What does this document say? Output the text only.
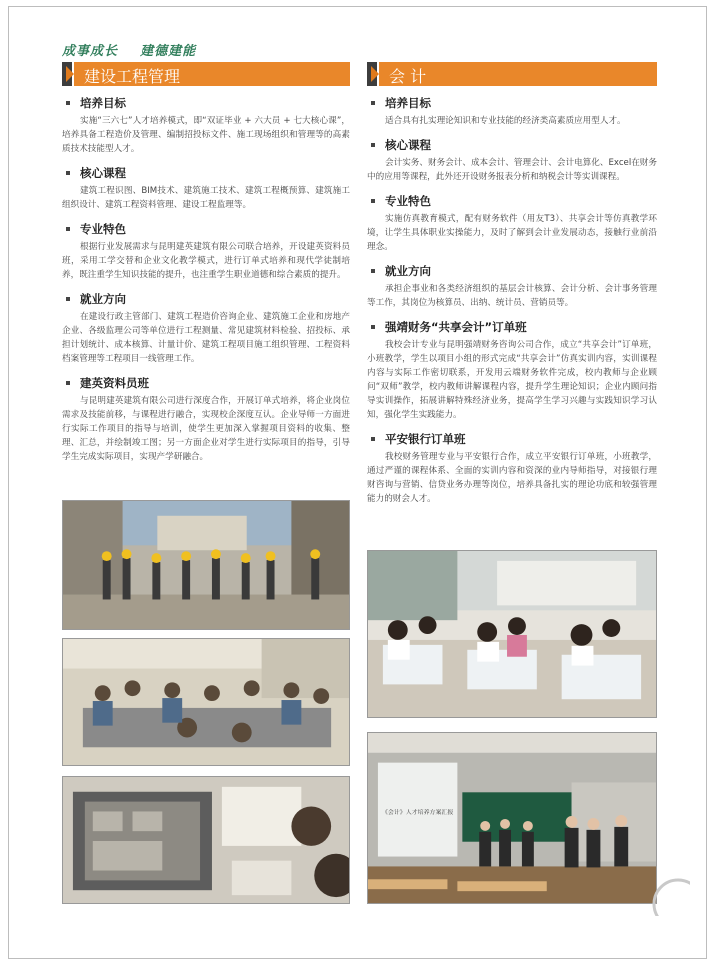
成事成长    建德建能
建设工程管理
培养目标
实施“三六七”人才培养模式，即“双证毕业 + 六大员 + 七大核心课”，培养具备工程造价及管理、编制招投标文件、施工现场组织和管理等的高素质技术技能型人才。
核心课程
建筑工程识图、BIM技术、建筑施工技术、建筑工程概预算、建筑施工组织设计、建筑工程资料管理、建设工程监理等。
专业特色
根据行业发展需求与昆明建英建筑有限公司联合培养，开设建英资料员班，采用工学交替和企业文化教学模式，进行订单式培养和现代学徒制培养，既注重学生知识技能的提升，也注重学生职业道德和综合素质的提升。
就业方向
在建设行政主管部门、建筑工程造价咨询企业、建筑施工企业和房地产企业、各级监理公司等单位进行工程测量、常见建筑材料检验、招投标、承担计划统计、成本核算、计量计价、建筑工程项目施工组织管理、工程资料档案管理等工程项目一线管理工作。
建英资料员班
与昆明建英建筑有限公司进行深度合作，开展订单式培养，将企业岗位需求及技能前移，与课程进行融合，实现校企深度互认。企业导师一方面进行实际工作项目的指导与培训，使学生更加深入掌握项目资料的收集、整理、汇总，并绘制竣工图；另一方面企业对学生进行实际项目的指导，引导学生完成实际项目，实现产学研融合。
会 计
培养目标
适合具有扎实理论知识和专业技能的经济类高素质应用型人才。
核心课程
会计实务、财务会计、成本会计、管理会计、会计电算化、Excel在财务中的应用等课程，此外还开设财务报表分析和纳税会计等实训课程。
专业特色
实施仿真教育模式，配有财务软件（用友T3）、共享会计等仿真教学环境，让学生具体职业实操能力，及时了解到会计业发展动态，接触行业前沿理念。
就业方向
承担企事业和各类经济组织的基层会计核算、会计分析、会计事务管理等工作，其岗位为核算员、出纳、统计员、营销员等。
强靖财务“共享会计”订单班
我校会计专业与昆明强靖财务咨询公司合作，成立“共享会计”订单班，小班教学，学生以项目小组的形式完成“共享会计”仿真实训内容，实训课程内容与实际工作密切联系，开发用云端财务软件完成，校内教师与企业顾问“双师”教学，校内教师讲解课程内容，提升学生理论知识；企业内顾问指导实训操作，拓展讲解特殊经济业务，提高学生学习兴趣与实践知识学习认知，强化学生实践能力。
平安银行订单班
我校财务管理专业与平安银行合作，成立平安银行订单班，小班教学，通过严谨的课程体系、全面的实训内容和资深的业内导师指导，对接银行理财咨询与营销、信贷业务办理等岗位，培养具备扎实的理论功底和较强管理能力的财会人才。
《会计》人才培养方案汇报
